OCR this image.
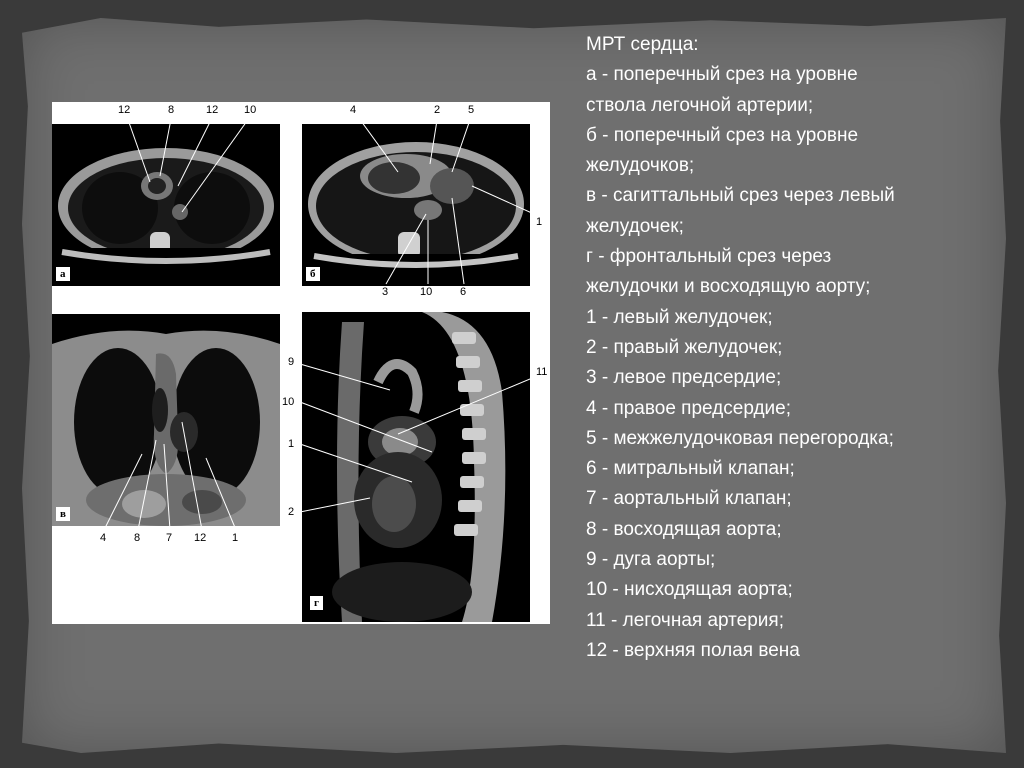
а	б
в
г
12	8	12 10	4	2	5
1
3	10	6
4	8 7 12 1
9
10
1
2
11
МРТ сердца:
а - поперечный срез на уровне
ствола легочной артерии;
б - поперечный срез на уровне
желудочков;
в - сагиттальный срез через левый
желудочек;
г - фронтальный срез через
желудочки и восходящую аорту;
1 - левый желудочек;
2 - правый желудочек;
3 - левое предсердие;
4 - правое предсердие;
5 - межжелудочковая перегородка;
6 - митральный клапан;
7 - аортальный клапан;
8 - восходящая аорта;
9 - дуга аорты;
10 - нисходящая аорта;
11 - легочная артерия;
12 - верхняя полая вена
